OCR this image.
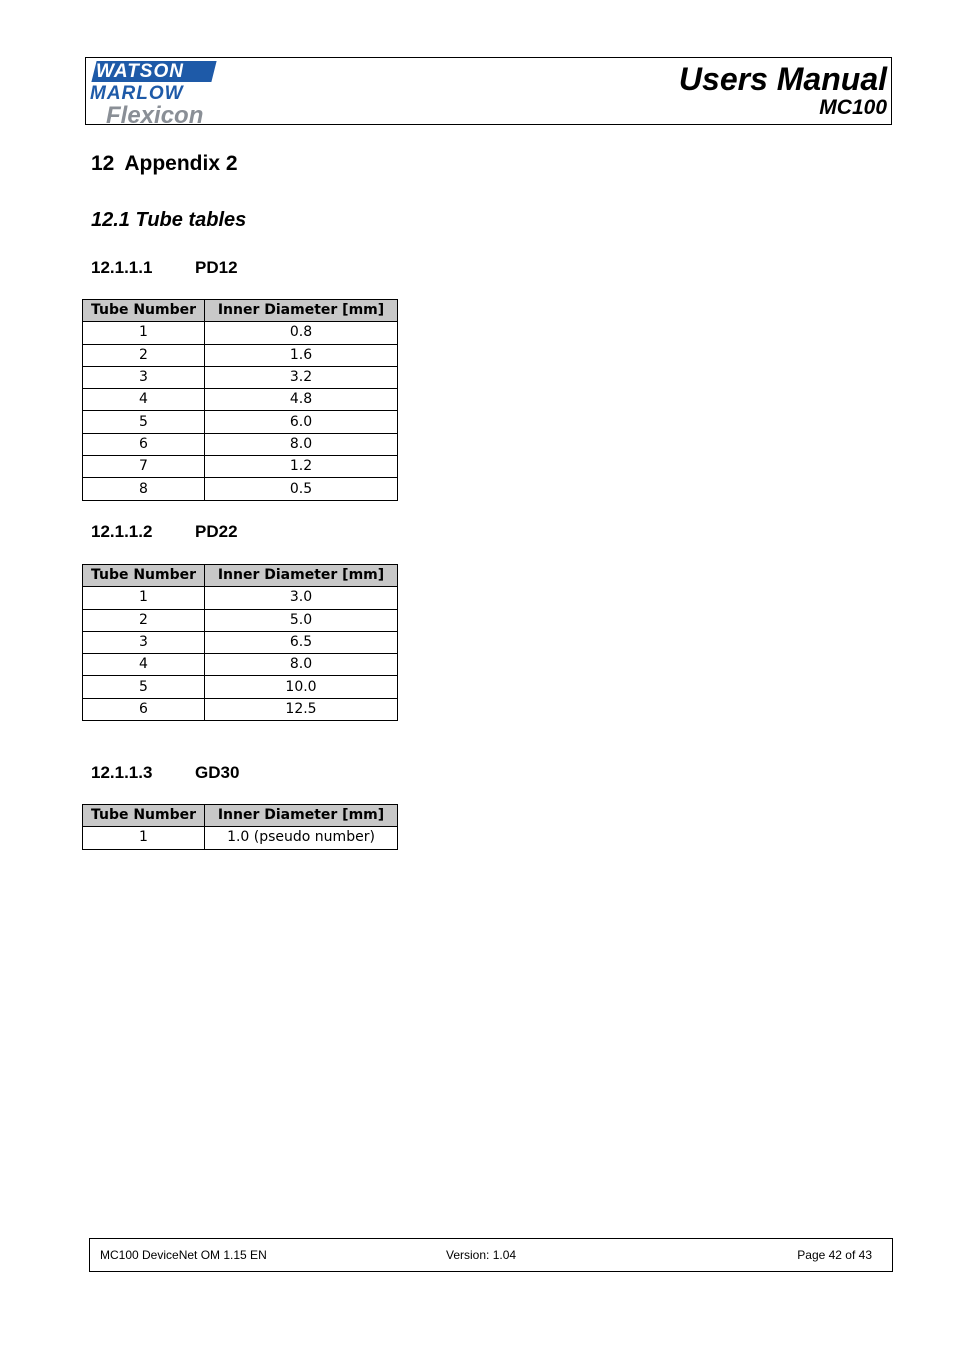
WATSON
MARLOW
Flexicon
Users Manual
MC100
12 Appendix 2
12.1 Tube tables
12.1.1.1	PD12
Tube Number	Inner Diameter [mm]
1	0.8
2	1.6
3	3.2
4	4.8
5	6.0
6	8.0
7	1.2
8	0.5
12.1.1.2	PD22
Tube Number	Inner Diameter [mm]
1	3.0
2	5.0
3	6.5
4	8.0
5	10.0
6	12.5
12.1.1.3	GD30
Tube Number	Inner Diameter [mm]
1	1.0 (pseudo number)
MC100 DeviceNet OM 1.15 EN	Version: 1.04	Page 42 of 43
